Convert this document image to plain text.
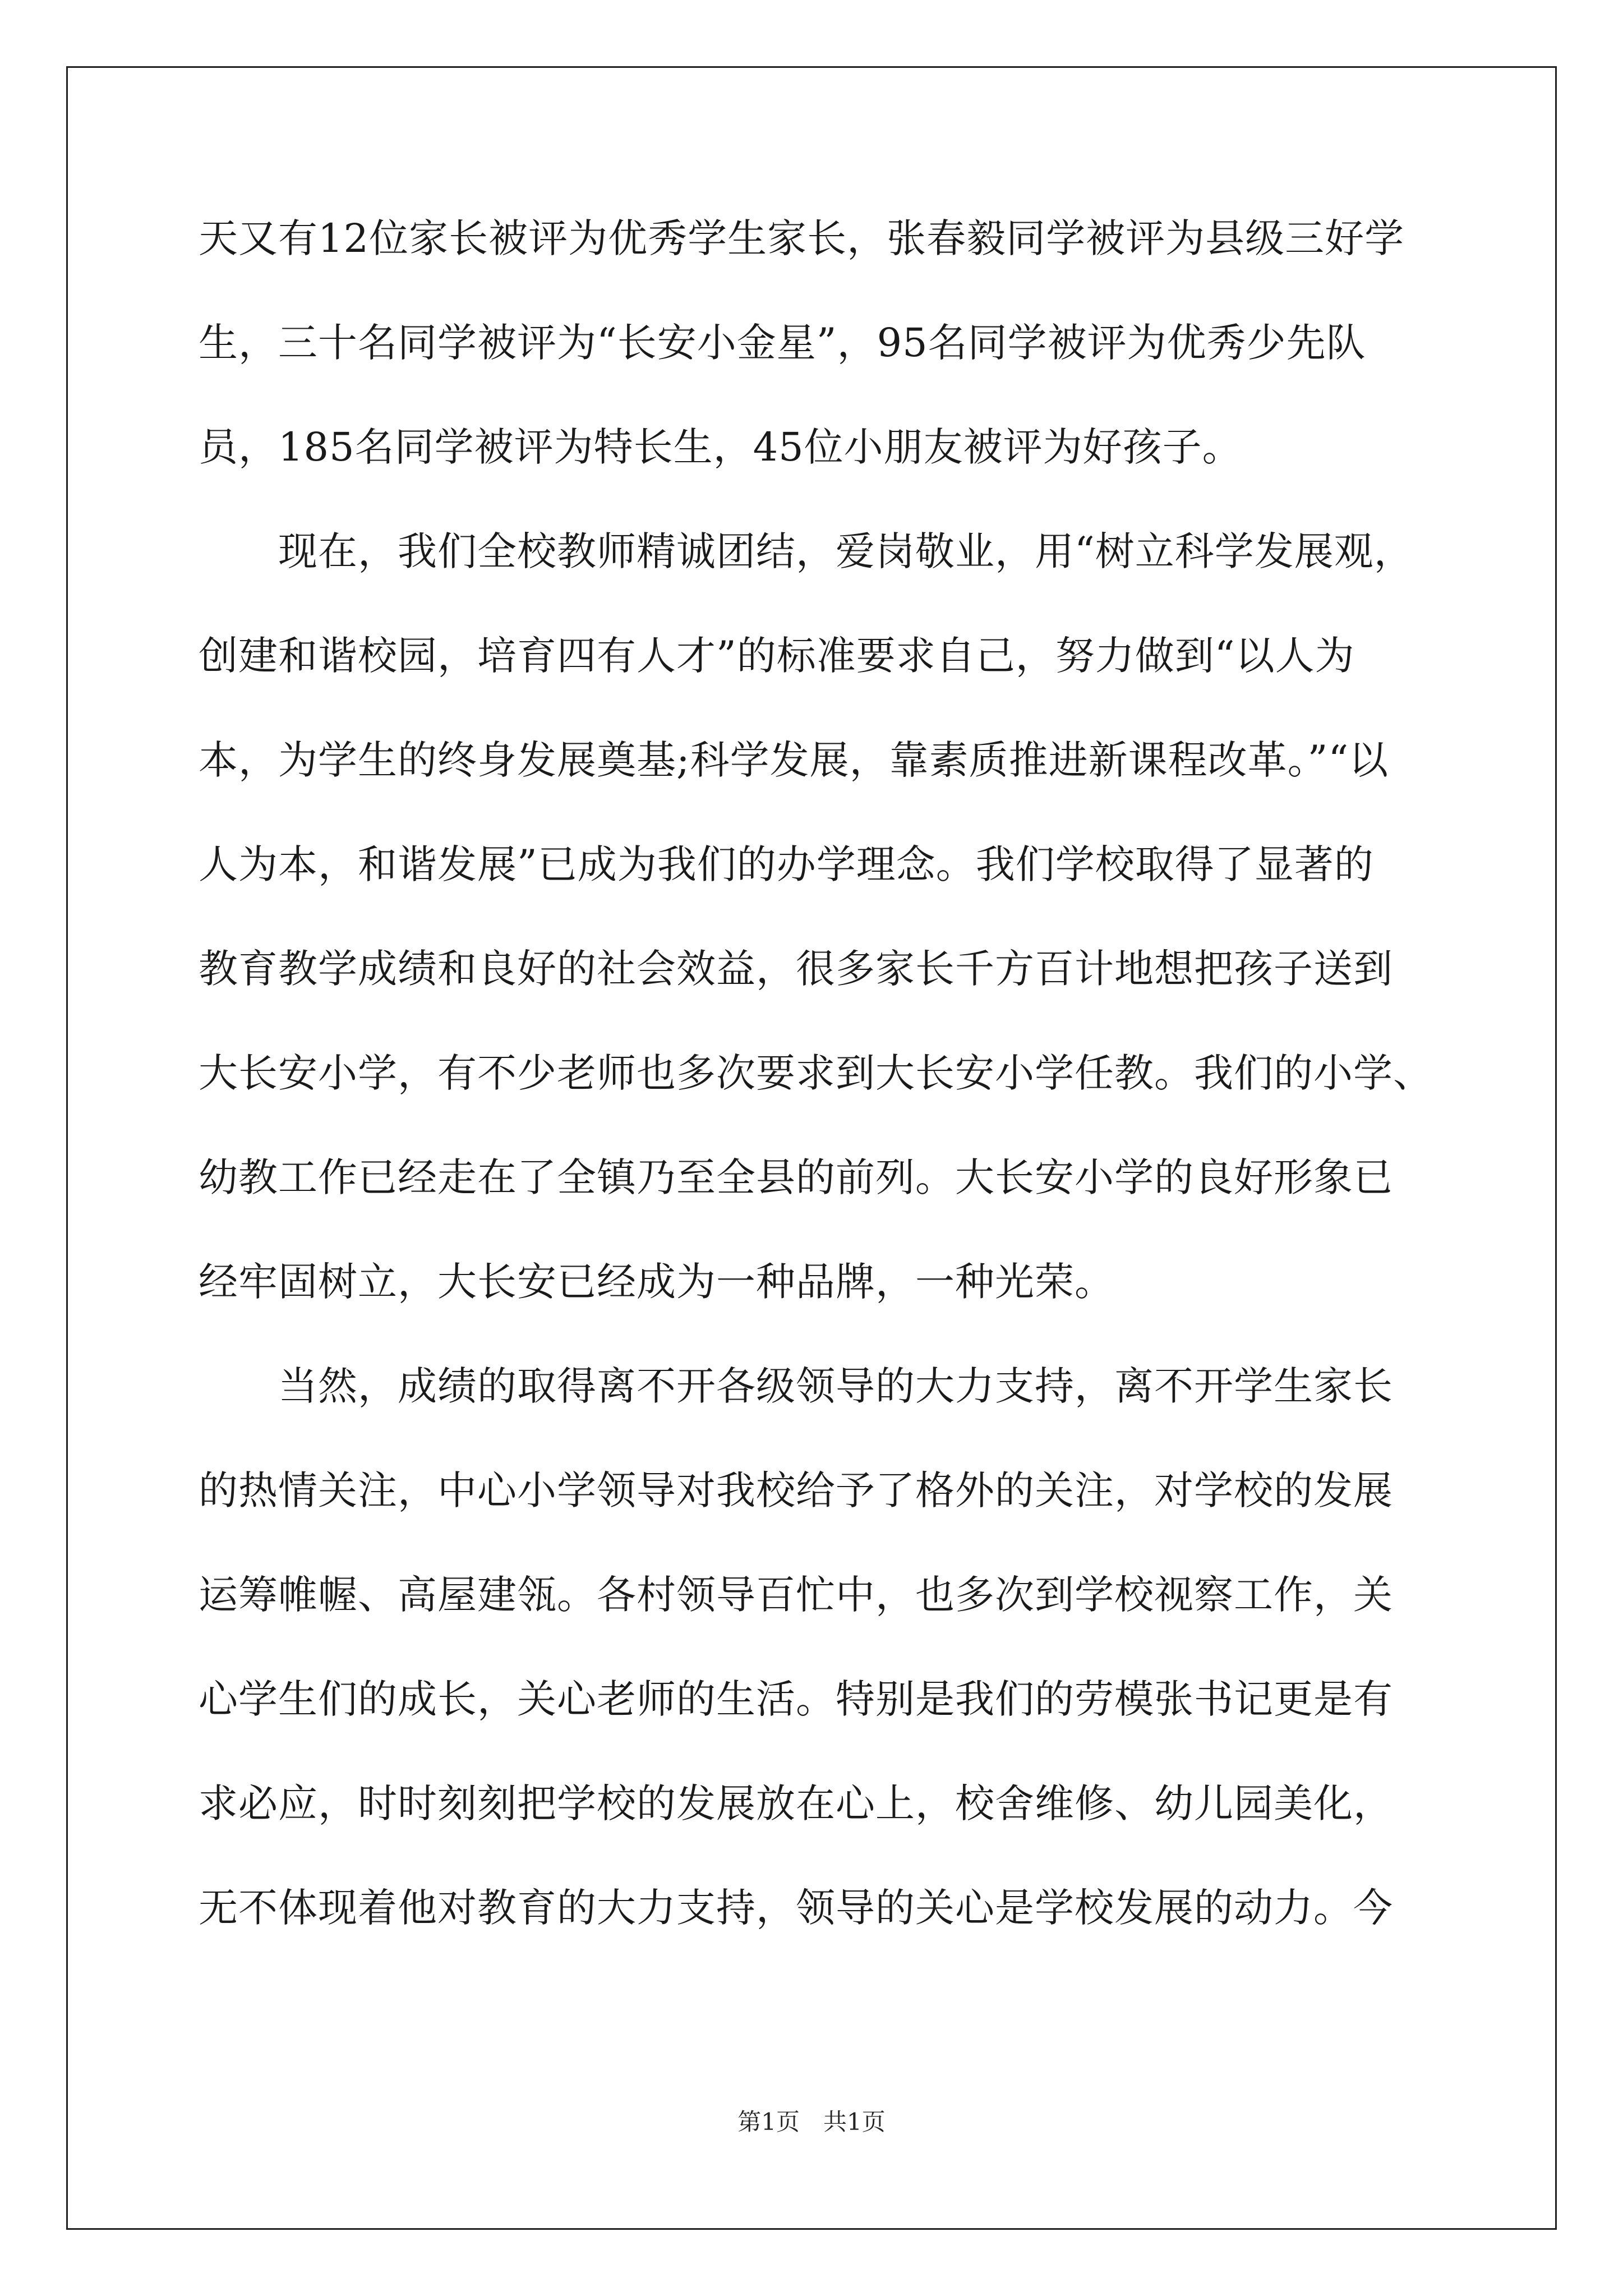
天又有12位家长被评为优秀学生家长，张春毅同学被评为县级三好学
生，三十名同学被评为“长安小金星”，95名同学被评为优秀少先队
员，185名同学被评为特长生，45位小朋友被评为好孩子。
　　现在，我们全校教师精诚团结，爱岗敬业，用“树立科学发展观，
创建和谐校园，培育四有人才”的标准要求自己，努力做到“以人为
本，为学生的终身发展奠基;科学发展，靠素质推进新课程改革。”“以
人为本，和谐发展”已成为我们的办学理念。我们学校取得了显著的
教育教学成绩和良好的社会效益，很多家长千方百计地想把孩子送到
大长安小学，有不少老师也多次要求到大长安小学任教。我们的小学、
幼教工作已经走在了全镇乃至全县的前列。大长安小学的良好形象已
经牢固树立，大长安已经成为一种品牌，一种光荣。
　　当然，成绩的取得离不开各级领导的大力支持，离不开学生家长
的热情关注，中心小学领导对我校给予了格外的关注，对学校的发展
运筹帷幄、高屋建瓴。各村领导百忙中，也多次到学校视察工作，关
心学生们的成长，关心老师的生活。特别是我们的劳模张书记更是有
求必应，时时刻刻把学校的发展放在心上，校舍维修、幼儿园美化，
无不体现着他对教育的大力支持，领导的关心是学校发展的动力。今
第1页　共1页
